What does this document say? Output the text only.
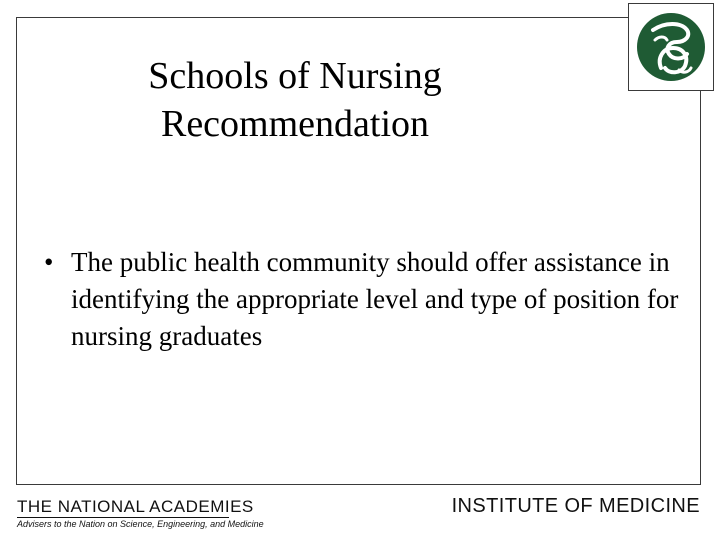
Schools of Nursing
Recommendation
• The public health community should offer assistance in identifying the appropriate level and type of position for nursing graduates
THE NATIONAL ACADEMIES
Advisers to the Nation on Science, Engineering, and Medicine
INSTITUTE OF MEDICINE
